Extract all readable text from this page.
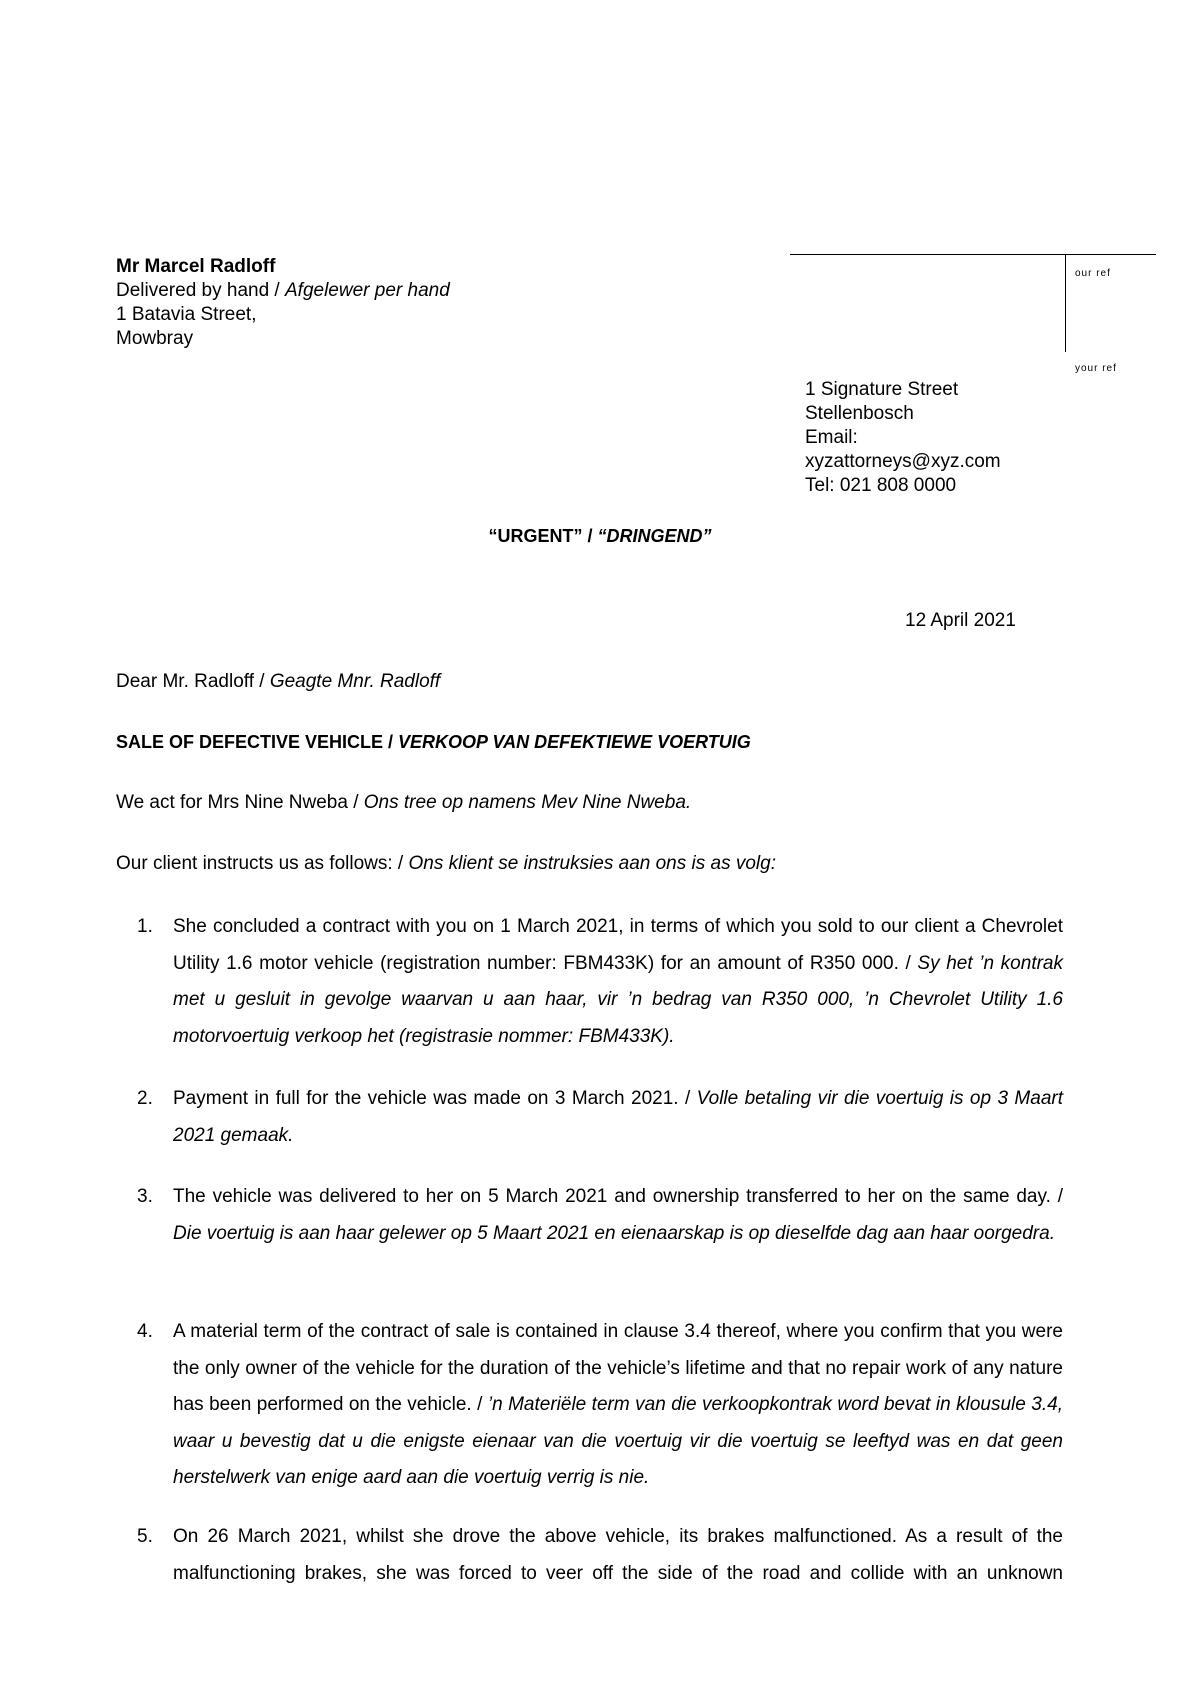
Mr Marcel Radloff
Delivered by hand / Afgelewer per hand
1 Batavia Street,
Mowbray
our ref
your ref
1 Signature Street
Stellenbosch
Email:
xyzattorneys@xyz.com
Tel: 021 808 0000
“URGENT” / “DRINGEND”
12 April 2021
Dear Mr. Radloff / Geagte Mnr. Radloff
SALE OF DEFECTIVE VEHICLE / VERKOOP VAN DEFEKTIEWE VOERTUIG
We act for Mrs Nine Nweba / Ons tree op namens Mev Nine Nweba.
Our client instructs us as follows: / Ons klient se instruksies aan ons is as volg:
1. She concluded a contract with you on 1 March 2021, in terms of which you sold to our client a Chevrolet Utility 1.6 motor vehicle (registration number: FBM433K) for an amount of R350 000. / Sy het ’n kontrak met u gesluit in gevolge waarvan u aan haar, vir ’n bedrag van R350 000, ’n Chevrolet Utility 1.6 motorvoertuig verkoop het (registrasie nommer: FBM433K).
2. Payment in full for the vehicle was made on 3 March 2021. / Volle betaling vir die voertuig is op 3 Maart 2021 gemaak.
3. The vehicle was delivered to her on 5 March 2021 and ownership transferred to her on the same day. / Die voertuig is aan haar gelewer op 5 Maart 2021 en eienaarskap is op dieselfde dag aan haar oorgedra.
4. A material term of the contract of sale is contained in clause 3.4 thereof, where you confirm that you were the only owner of the vehicle for the duration of the vehicle’s lifetime and that no repair work of any nature has been performed on the vehicle. / ’n Materiële term van die verkoopkontrak word bevat in klousule 3.4, waar u bevestig dat u die enigste eienaar van die voertuig vir die voertuig se leeftyd was en dat geen herstelwerk van enige aard aan die voertuig verrig is nie.
5. On 26 March 2021, whilst she drove the above vehicle, its brakes malfunctioned. As a result of the malfunctioning brakes, she was forced to veer off the side of the road and collide with an unknown
